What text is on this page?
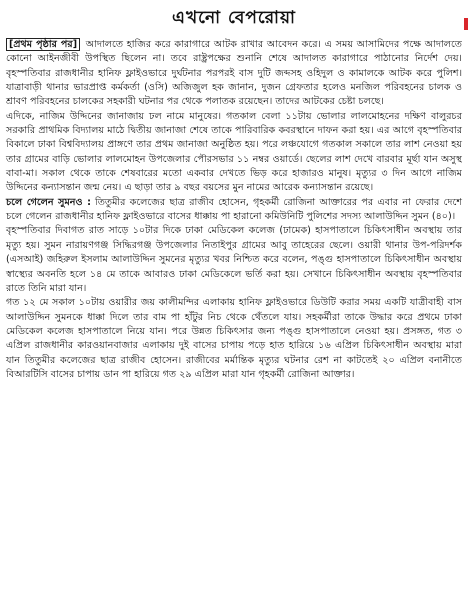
এখনো বেপরোয়া

[প্রথম পৃষ্ঠার পর] আদালতে হাজির করে কারাগারে আটক রাখার আবেদন করে। এ সময় আসামিদের পক্ষে আদালতে কোনো আইনজীবী উপস্থিত ছিলেন না। তবে রাষ্ট্রপক্ষের শুনানি শেষে আদালত কারাগারে পাঠানোর নির্দেশ দেয়। বৃহস্পতিবার রাজধানীর হানিফ ফ্লাইওভারে দুর্ঘটনার পরপরই বাস দুটি জব্দসহ ওহিদুল ও কামালকে আটক করে পুলিশ। যাত্রাবাড়ী থানার ভারপ্রাপ্ত কর্মকর্তা (ওসি) অজিজুল হক জানান, দুজন গ্রেফতার হলেও মনজিল পরিবহনের চালক ও শ্রাবণ পরিবহনের চালকের সহকারী ঘটনার পর থেকে পলাতক রয়েছেন। তাদের আটকের চেষ্টা চলছে।

এদিকে, নাজিম উদ্দিনের জানাজায় ঢল নামে মানুষের। গতকাল বেলা ১১টায় ভোলার লালমোহনের দক্ষিণ বালুরচর সরকারি প্রাথমিক বিদ্যালয় মাঠে দ্বিতীয় জানাজা শেষে তাকে পারিবারিক কবরস্থানে দাফন করা হয়। এর আগে বৃহস্পতিবার বিকালে ঢাকা বিশ্ববিদ্যালয় প্রাঙ্গণে তার প্রথম জানাজা অনুষ্ঠিত হয়। পরে লঞ্চযোগে গতকাল সকালে তার লাশ নেওয়া হয় তার গ্রামের বাড়ি ভোলার লালমোহন উপজেলার পৌরসভার ১১ নম্বর ওয়ার্ডে। ছেলের লাশ দেখে বারবার মূর্ছা যান অসুস্থ বাবা-মা। সকাল থেকে তাকে শেষবারের মতো একবার দেখতে ভিড় করে হাজারও মানুষ। মৃত্যুর ৩ দিন আগে নাজিম উদ্দিনের কন্যাসন্তান জন্ম নেয়। এ ছাড়া তার ৯ বছর বয়সের মুন নামের আরেক কন্যাসন্তান রয়েছে।

চলে গেলেন সুমনও : তিতুমীর কলেজের ছাত্র রাজীব হোসেন, গৃহকর্মী রোজিনা আক্তারের পর এবার না ফেরার দেশে চলে গেলেন রাজধানীর হানিফ ফ্লাইওভারে বাসের ধাক্কায় পা হারানো কমিউনিটি পুলিশের সদস্য আলাউদ্দিন সুমন (৪০)।

বৃহস্পতিবার দিবাগত রাত সাড়ে ১০টার দিকে ঢাকা মেডিকেল কলেজ (ঢামেক) হাসপাতালে চিকিৎসাধীন অবস্থায় তার মৃত্যু হয়। সুমন নারায়ণগঞ্জ সিদ্ধিরগঞ্জ উপজেলার নিতাইপুর গ্রামের আবু তাহেরের ছেলে। ওয়ারী থানার উপ-পরিদর্শক (এসআই) জহিরুল ইসলাম আলাউদ্দিন সুমনের মৃত্যুর খবর নিশ্চিত করে বলেন, পঙ্গু হাসপাতালে চিকিৎসাধীন অবস্থায় স্বাস্থ্যের অবনতি হলে ১৪ মে তাকে আবারও ঢাকা মেডিকেলে ভর্তি করা হয়। সেখানে চিকিৎসাধীন অবস্থায় বৃহস্পতিবার রাতে তিনি মারা যান।

গত ১২ মে সকাল ১০টায় ওয়ারীর জয় কালীমন্দির এলাকায় হানিফ ফ্লাইওভারে ডিউটি করার সময় একটি যাত্রীবাহী বাস আলাউদ্দিন সুমনকে ধাক্কা দিলে তার বাম পা হাঁটুর নিচ থেকে থেঁতলে যায়। সহকর্মীরা তাকে উদ্ধার করে প্রথমে ঢাকা মেডিকেল কলেজ হাসপাতালে নিয়ে যান। পরে উন্নত চিকিৎসার জন্য পঙ্গু হাসপাতালে নেওয়া হয়। প্রসঙ্গত, গত ৩ এপ্রিল রাজধানীর কারওয়ানবাজার এলাকায় দুই বাসের চাপায় পড়ে হাত হারিয়ে ১৬ এপ্রিল চিকিৎসাধীন অবস্থায় মারা যান তিতুমীর কলেজের ছাত্র রাজীব হোসেন। রাজীবের মর্মান্তিক মৃত্যুর ঘটনার রেশ না কাটতেই ২০ এপ্রিল বনানীতে বিআরটিসি বাসের চাপায় ডান পা হারিয়ে গত ২৯ এপ্রিল মারা যান গৃহকর্মী রোজিনা আক্তার।
